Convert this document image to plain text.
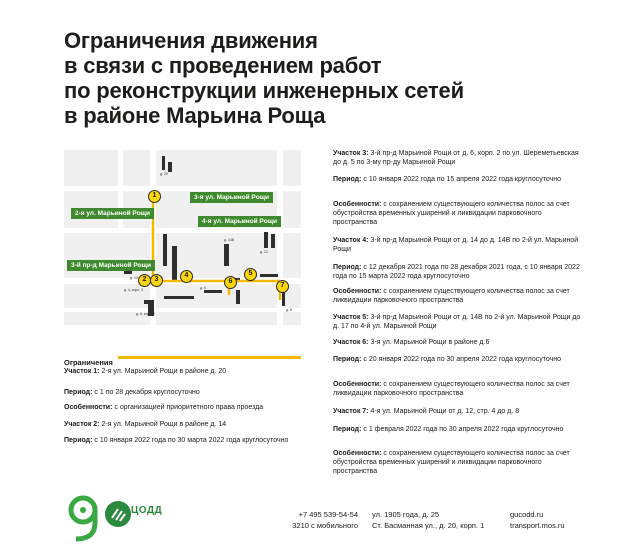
Ограничения движения
в связи с проведением работ
по реконструкции инженерных сетей
в районе Марьина Роща
2-я ул. Марьиной Рощи
3-я ул. Марьиной Рощи
4-я ул. Марьиной Рощи
3-й пр-д Марьиной Рощи
1
2	3
4	5
6
7
д. 20
д. 14
д. 14В
д. 6
д. 4, корп. 2
д. 8
д. 12
д. 6, корп. 2
Ограничения
Участок 1: 2-я ул. Марьиной Рощи в районе д. 20
Период: с 1 по 28 декабря круглосуточно
Особенности: с организацией приоритетного права проезда
Участок 2: 2-я ул. Марьиной Рощи в районе д. 14
Период: с 10 января 2022 года по 30 марта 2022 года круглосуточно
Участок 3: 3-й пр-д Марьиной Рощи от д. 6, корп. 2 по ул. Шереметьевская до д. 5 по 3-му пр-ду Марьиной Рощи
Период: с 10 января 2022 года по 15 апреля 2022 года круглосуточно
Особенности: с сохранением существующего количества полос за счет обустройства временных уширений и ликвидации парковочного пространства
Участок 4: 3-й пр-д Марьиной Рощи от д. 14 до д. 14В по 2-й ул. Марьиной Рощи
Период: с 12 декабря 2021 года по 28 декабря 2021 года, с 10 января 2022 года по 15 марта 2022 года круглосуточно
Особенности: с сохранением существующего количества полос за счет ликвидации парковочного пространства
Участок 5: 3-й пр-д Марьиной Рощи от д. 14В по 2-й ул. Марьиной Рощи до д. 17 по 4-й ул. Марьиной Рощи
Участок 6: 3-я ул. Марьиной Рощи в районе д.6
Период: с 20 января 2022 года по 30 апреля 2022 года круглосуточно
Особенности: с сохранением существующего количества полос за счет ликвидации парковочного пространства
Участок 7: 4-я ул. Марьиной Рощи от д. 12, стр. 4 до д. 8
Период: с 1 февраля 2022 года по 30 апреля 2022 года круглосуточно
Особенности: с сохранением существующего количества полос за счет обустройства временных уширений и ликвидации парковочного пространства
ЦОДД	+7 495 539-54-54
3210 с мобильного
ул. 1905 года, д. 25
Ст. Басманная ул., д. 20, корп. 1
gucodd.ru
transport.mos.ru
